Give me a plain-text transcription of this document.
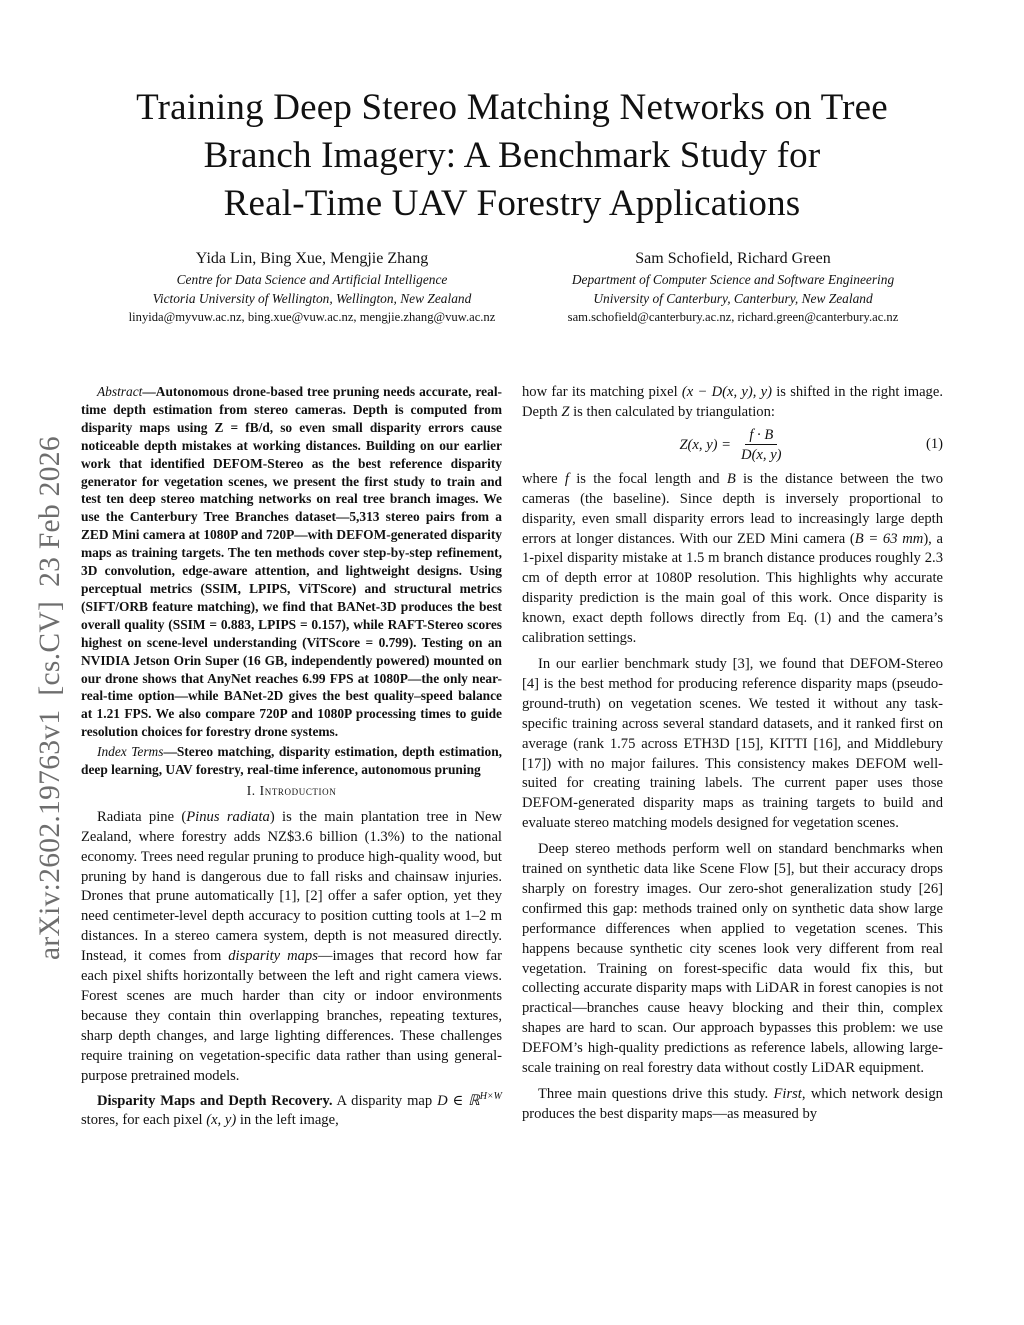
Training Deep Stereo Matching Networks on Tree
Branch Imagery: A Benchmark Study for
Real-Time UAV Forestry Applications
Yida Lin, Bing Xue, Mengjie Zhang
Centre for Data Science and Artificial Intelligence
Victoria University of Wellington, Wellington, New Zealand
linyida@myvuw.ac.nz, bing.xue@vuw.ac.nz, mengjie.zhang@vuw.ac.nz
Sam Schofield, Richard Green
Department of Computer Science and Software Engineering
University of Canterbury, Canterbury, New Zealand
sam.schofield@canterbury.ac.nz, richard.green@canterbury.ac.nz
arXiv:2602.19763v1[cs.CV]23 Feb 2026

Abstract—Autonomous drone-based tree pruning needs accurate, real-time depth estimation from stereo cameras. Depth is computed from disparity maps using Z = fB/d, so even small disparity errors cause noticeable depth mistakes at working distances. Building on our earlier work that identified DEFOM-Stereo as the best reference disparity generator for vegetation scenes, we present the first study to train and test ten deep stereo matching networks on real tree branch images. We use the Canterbury Tree Branches dataset—5,313 stereo pairs from a ZED Mini camera at 1080P and 720P—with DEFOM-generated disparity maps as training targets. The ten methods cover step-by-step refinement, 3D convolution, edge-aware attention, and lightweight designs. Using perceptual metrics (SSIM, LPIPS, ViTScore) and structural metrics (SIFT/ORB feature matching), we find that BANet-3D produces the best overall quality (SSIM = 0.883, LPIPS = 0.157), while RAFT-Stereo scores highest on scene-level understanding (ViTScore = 0.799). Testing on an NVIDIA Jetson Orin Super (16 GB, independently powered) mounted on our drone shows that AnyNet reaches 6.99 FPS at 1080P—the only near-real-time option—while BANet-2D gives the best quality–speed balance at 1.21 FPS. We also compare 720P and 1080P processing times to guide resolution choices for forestry drone systems.

Index Terms—Stereo matching, disparity estimation, depth estimation, deep learning, UAV forestry, real-time inference, autonomous pruning

I. Introduction

Radiata pine (Pinus radiata) is the main plantation tree in New Zealand, where forestry adds NZ$3.6 billion (1.3%) to the national economy. Trees need regular pruning to produce high-quality wood, but pruning by hand is dangerous due to fall risks and chainsaw injuries. Drones that prune automatically [1], [2] offer a safer option, yet they need centimeter-level depth accuracy to position cutting tools at 1–2 m distances. In a stereo camera system, depth is not measured directly. Instead, it comes from disparity maps—images that record how far each pixel shifts horizontally between the left and right camera views. Forest scenes are much harder than city or indoor environments because they contain thin overlapping branches, repeating textures, sharp depth changes, and large lighting differences. These challenges require training on vegetation-specific data rather than using general-purpose pretrained models.

Disparity Maps and Depth Recovery. A disparity map D ∈ ℝ$^{H\times W}$ stores, for each pixel (x, y) in the left image,

how far its matching pixel (x − D(x, y), y) is shifted in the right image. Depth Z is then calculated by triangulation:

Z(x, $y) = \frac{f \cdot B}{D(x, y)}$	(1)

where f is the focal length and B is the distance between the two cameras (the baseline). Since depth is inversely proportional to disparity, even small disparity errors lead to increasingly large depth errors at longer distances. With our ZED Mini camera (B = 63 mm), a 1-pixel disparity mistake at 1.5 m branch distance produces roughly 2.3 cm of depth error at 1080P resolution. This highlights why accurate disparity prediction is the main goal of this work. Once disparity is known, exact depth follows directly from Eq. (1) and the camera’s calibration settings.

In our earlier benchmark study [3], we found that DEFOM-Stereo [4] is the best method for producing reference disparity maps (pseudo-ground-truth) on vegetation scenes. We tested it without any task-specific training across several standard datasets, and it ranked first on average (rank 1.75 across ETH3D [15], KITTI [16], and Middlebury [17]) with no major failures. This consistency makes DEFOM well-suited for creating training labels. The current paper uses those DEFOM-generated disparity maps as training targets to build and evaluate stereo matching models designed for vegetation scenes.

Deep stereo methods perform well on standard benchmarks when trained on synthetic data like Scene Flow [5], but their accuracy drops sharply on forestry images. Our zero-shot generalization study [26] confirmed this gap: methods trained only on synthetic data show large performance differences when applied to vegetation scenes. This happens because synthetic city scenes look very different from real vegetation. Training on forest-specific data would fix this, but collecting accurate disparity maps with LiDAR in forest canopies is not practical—branches cause heavy blocking and their thin, complex shapes are hard to scan. Our approach bypasses this problem: we use DEFOM’s high-quality predictions as reference labels, allowing large-scale training on real forestry data without costly LiDAR equipment.

Three main questions drive this study. First, which network design produces the best disparity maps—as measured by
